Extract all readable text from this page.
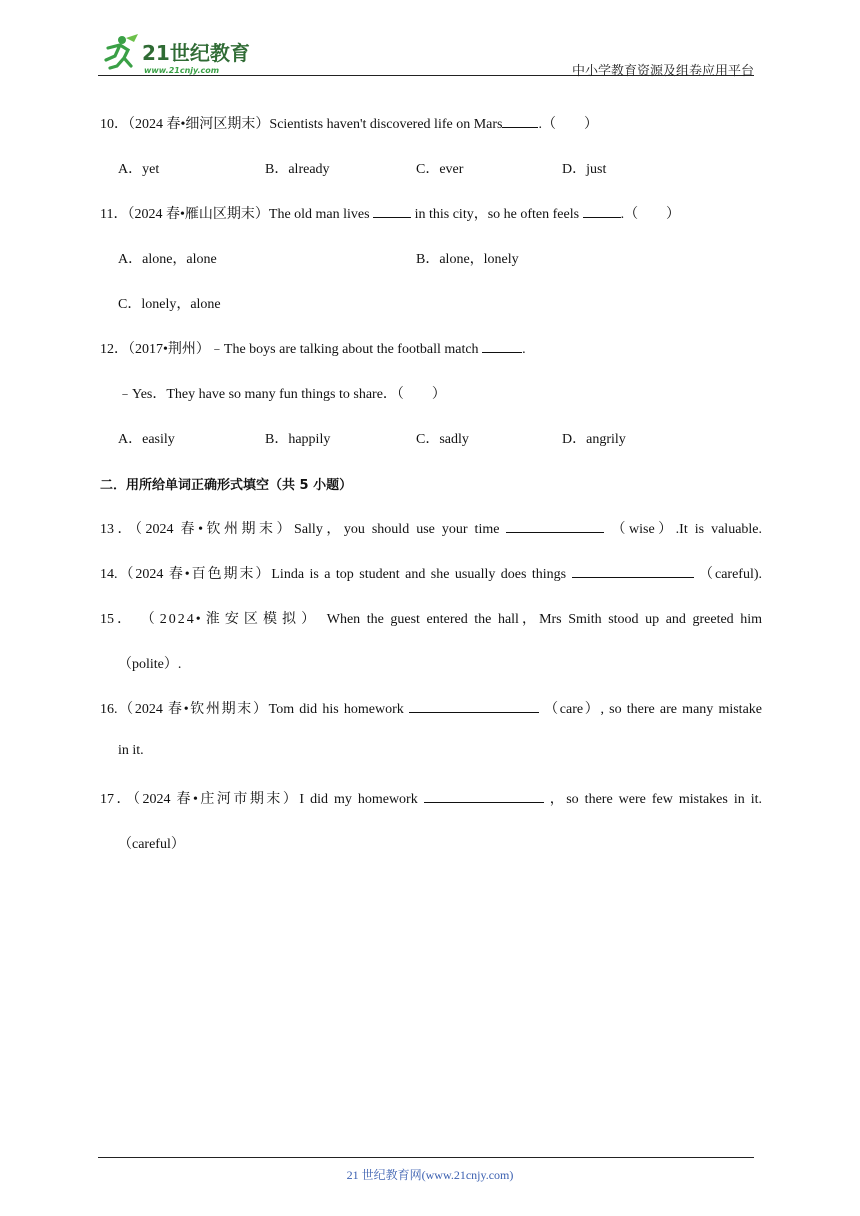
21世纪教育
www.21cnjy.com	中小学教育资源及组卷应用平台
10．（2024 春•细河区期末）Scientists haven't discovered life on Mars	.（　　）
A．yet	B．already	C．ever	D．just
11．（2024 春•雁山区期末）The old man lives	in this city，so he often feels	.（　　）
A．alone，alone	B．alone，lonely
C．lonely，alone
12．（2017•荆州）﹣The boys are talking about the football match	.
﹣Yes．They have so many fun things to share．（　　）
A．easily	B．happily	C．sadly	D．angrily
二．用所给单词正确形式填空（共 5 小题）
13．（2024 春•钦州期末）Sally，you should use your time	（wise）.It is valuable.
14.（2024 春•百色期末）Linda is a top student and she usually does things	（careful).
15． （2024•淮安区模拟） When the guest entered the hall，Mrs Smith stood up and greeted him
（polite）.
16.（2024 春•钦州期末）Tom did his homework	（care）, so there are many mistake
in it.
17．（2024 春•庄河市期末）I did my homework	，so there were few mistakes in it.
（careful）
21 世纪教育网(www.21cnjy.com)
